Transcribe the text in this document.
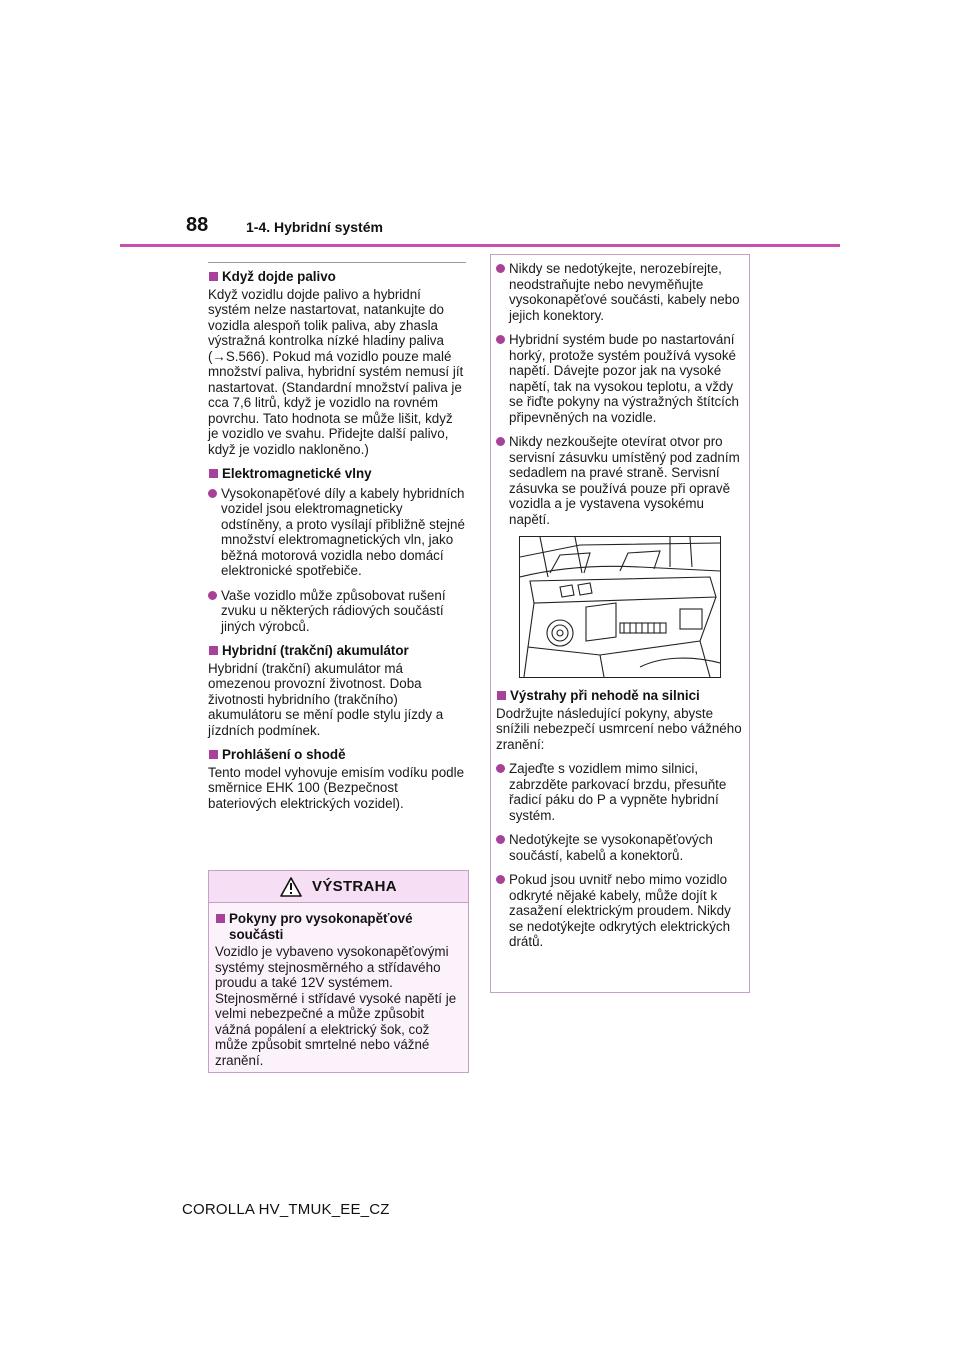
88	1-4. Hybridní systém
Když dojde palivo

Když vozidlu dojde palivo a hybridní systém nelze nastartovat, natankujte do vozidla alespoň tolik paliva, aby zhasla výstražná kontrolka nízké hladiny paliva (→S.566). Pokud má vozidlo pouze malé množství paliva, hybridní systém nemusí jít nastartovat. (Standardní množství paliva je cca 7,6 litrů, když je vozidlo na rovném povrchu. Tato hodnota se může lišit, když je vozidlo ve svahu. Přidejte další palivo, když je vozidlo nakloněno.)

Elektromagnetické vlny
Vysokonapěťové díly a kabely hybridních vozidel jsou elektromagneticky odstíněny, a proto vysílají přibližně stejné množství elektromagnetických vln, jako běžná motorová vozidla nebo domácí elektronické spotřebiče.
Vaše vozidlo může způsobovat rušení zvuku u některých rádiových součástí jiných výrobců.
Hybridní (trakční) akumulátor

Hybridní (trakční) akumulátor má omezenou provozní životnost. Doba životnosti hybridního (trakčního) akumulátoru se mění podle stylu jízdy a jízdních podmínek.

Prohlášení o shodě

Tento model vyhovuje emisím vodíku podle směrnice EHK 100 (Bezpečnost bateriových elektrických vozidel).

VÝSTRAHA
Pokyny pro vysokonapěťové součásti

Vozidlo je vybaveno vysokonapěťovými systémy stejnosměrného a střídavého proudu a také 12V systémem. Stejnosměrné i střídavé vysoké napětí je velmi nebezpečné a může způsobit vážná popálení a elektrický šok, což může způsobit smrtelné nebo vážné zranění.

Nikdy se nedotýkejte, nerozebírejte, neodstraňujte nebo nevyměňujte vysokonapěťové součásti, kabely nebo jejich konektory.
Hybridní systém bude po nastartování horký, protože systém používá vysoké napětí. Dávejte pozor jak na vysoké napětí, tak na vysokou teplotu, a vždy se řiďte pokyny na výstražných štítcích připevněných na vozidle.
Nikdy nezkoušejte otevírat otvor pro servisní zásuvku umístěný pod zadním sedadlem na pravé straně. Servisní zásuvka se používá pouze při opravě vozidla a je vystavena vysokému napětí.
Výstrahy při nehodě na silnici

Dodržujte následující pokyny, abyste snížili nebezpečí usmrcení nebo vážného zranění:

Zajeďte s vozidlem mimo silnici, zabrzděte parkovací brzdu, přesuňte řadicí páku do P a vypněte hybridní systém.
Nedotýkejte se vysokonapěťových součástí, kabelů a konektorů.
Pokud jsou uvnitř nebo mimo vozidlo odkryté nějaké kabely, může dojít k zasažení elektrickým proudem. Nikdy se nedotýkejte odkrytých elektrických drátů.
COROLLA HV_TMUK_EE_CZ
